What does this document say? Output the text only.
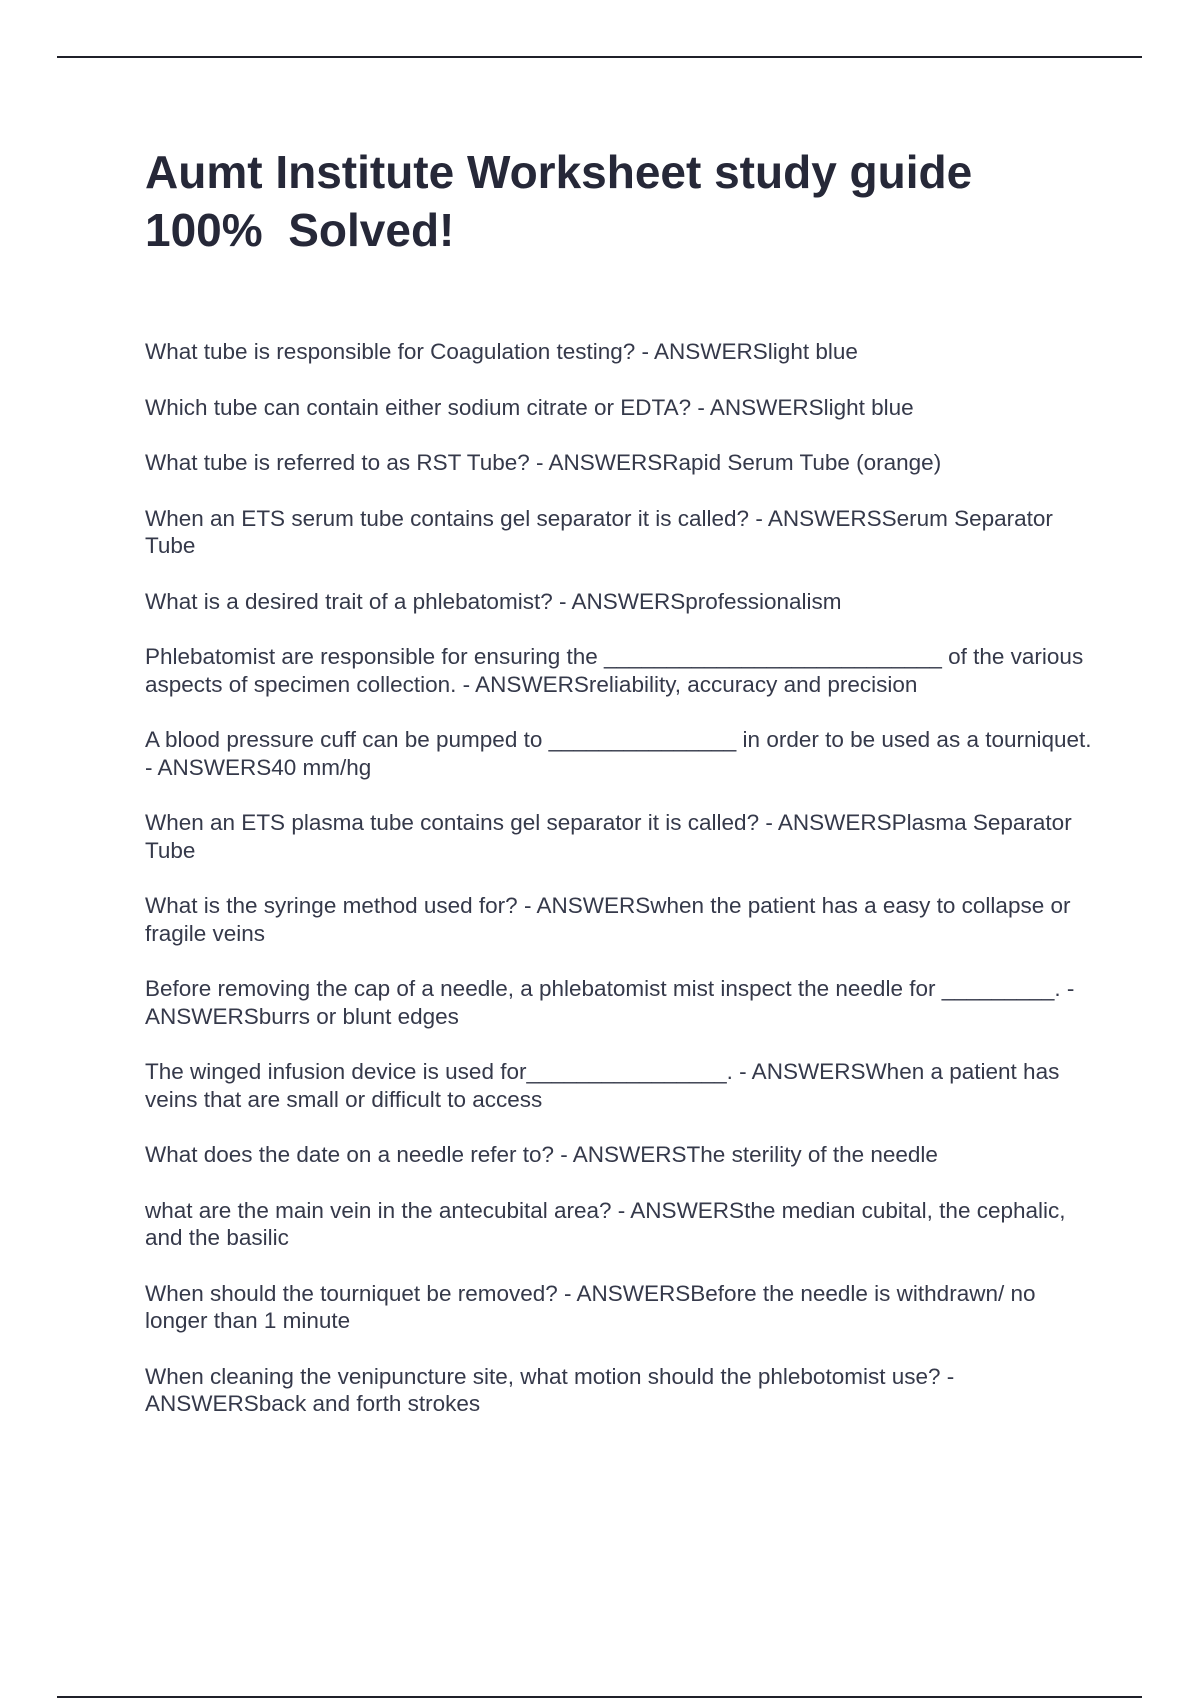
Aumt Institute Worksheet study guide
100%  Solved!
What tube is responsible for Coagulation testing? - ANSWERSlight blue
Which tube can contain either sodium citrate or EDTA? - ANSWERSlight blue
What tube is referred to as RST Tube? - ANSWERSRapid Serum Tube (orange)
When an ETS serum tube contains gel separator it is called? - ANSWERSSerum Separator Tube
What is a desired trait of a phlebatomist? - ANSWERSprofessionalism
Phlebatomist are responsible for ensuring the ___________________________ of the various aspects of specimen collection. - ANSWERSreliability, accuracy and precision
A blood pressure cuff can be pumped to _______________ in order to be used as a tourniquet. - ANSWERS40 mm/hg
When an ETS plasma tube contains gel separator it is called? - ANSWERSPlasma Separator Tube
What is the syringe method used for? - ANSWERSwhen the patient has a easy to collapse or fragile veins
Before removing the cap of a needle, a phlebatomist mist inspect the needle for _________. - ANSWERSburrs or blunt edges
The winged infusion device is used for________________. - ANSWERSWhen a patient has veins that are small or difficult to access
What does the date on a needle refer to? - ANSWERSThe sterility of the needle
what are the main vein in the antecubital area? - ANSWERSthe median cubital, the cephalic, and the basilic
When should the tourniquet be removed? - ANSWERSBefore the needle is withdrawn/ no longer than 1 minute
When cleaning the venipuncture site, what motion should the phlebotomist use? - ANSWERSback and forth strokes
